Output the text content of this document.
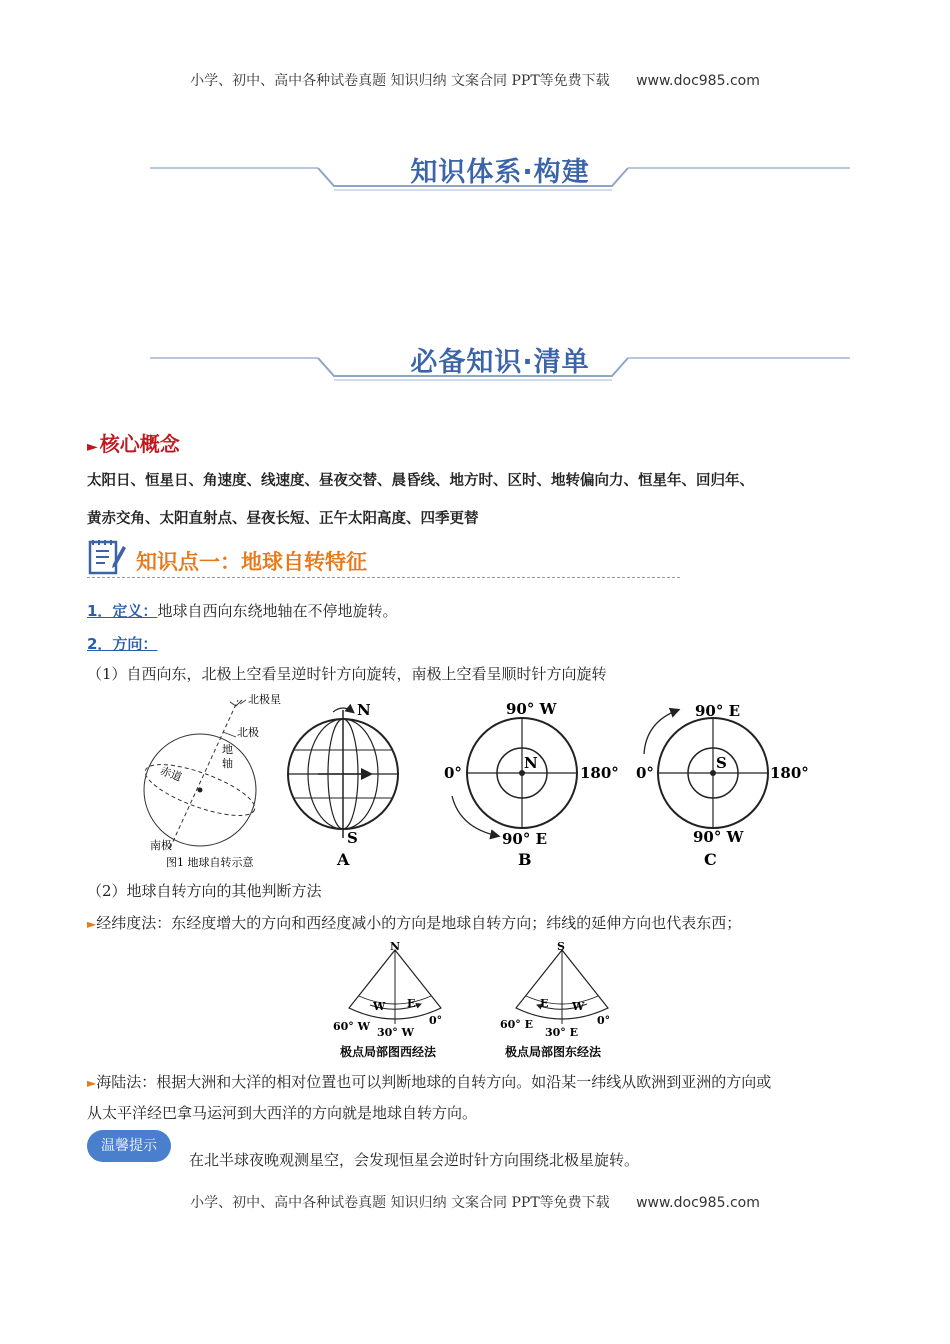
小学、初中、高中各种试卷真题 知识归纳 文案合同 PPT等免费下载 www.doc985.com
知识体系·构建
必备知识·清单
► 核心概念
太阳日、恒星日、角速度、线速度、昼夜交替、晨昏线、地方时、区时、地转偏向力、恒星年、回归年、
黄赤交角、太阳直射点、昼夜长短、正午太阳高度、四季更替
知识点一：地球自转特征
1．定义：地球自西向东绕地轴在不停地旋转。
2．方向：
（1）自西向东，北极上空看呈逆时针方向旋转，南极上空看呈顺时针方向旋转
北极星
北极
地
轴
赤道
南极
图1 地球自转示意
N
S
A
90° W
0°	180°
90° E
N
B
90° E
0°	180°
90° W
S
C
（2）地球自转方向的其他判断方法
►经纬度法：东经度增大的方向和西经度减小的方向是地球自转方向；纬线的延伸方向也代表东西；
N
W E
60° W 30° W
0°
极点局部图西经法
S
E W
60° E
30° E
0°
极点局部图东经法
►海陆法：根据大洲和大洋的相对位置也可以判断地球的自转方向。如沿某一纬线从欧洲到亚洲的方向或
从太平洋经巴拿马运河到大西洋的方向就是地球自转方向。
温馨提示
在北半球夜晚观测星空，会发现恒星会逆时针方向围绕北极星旋转。
小学、初中、高中各种试卷真题 知识归纳 文案合同 PPT等免费下载 www.doc985.com
